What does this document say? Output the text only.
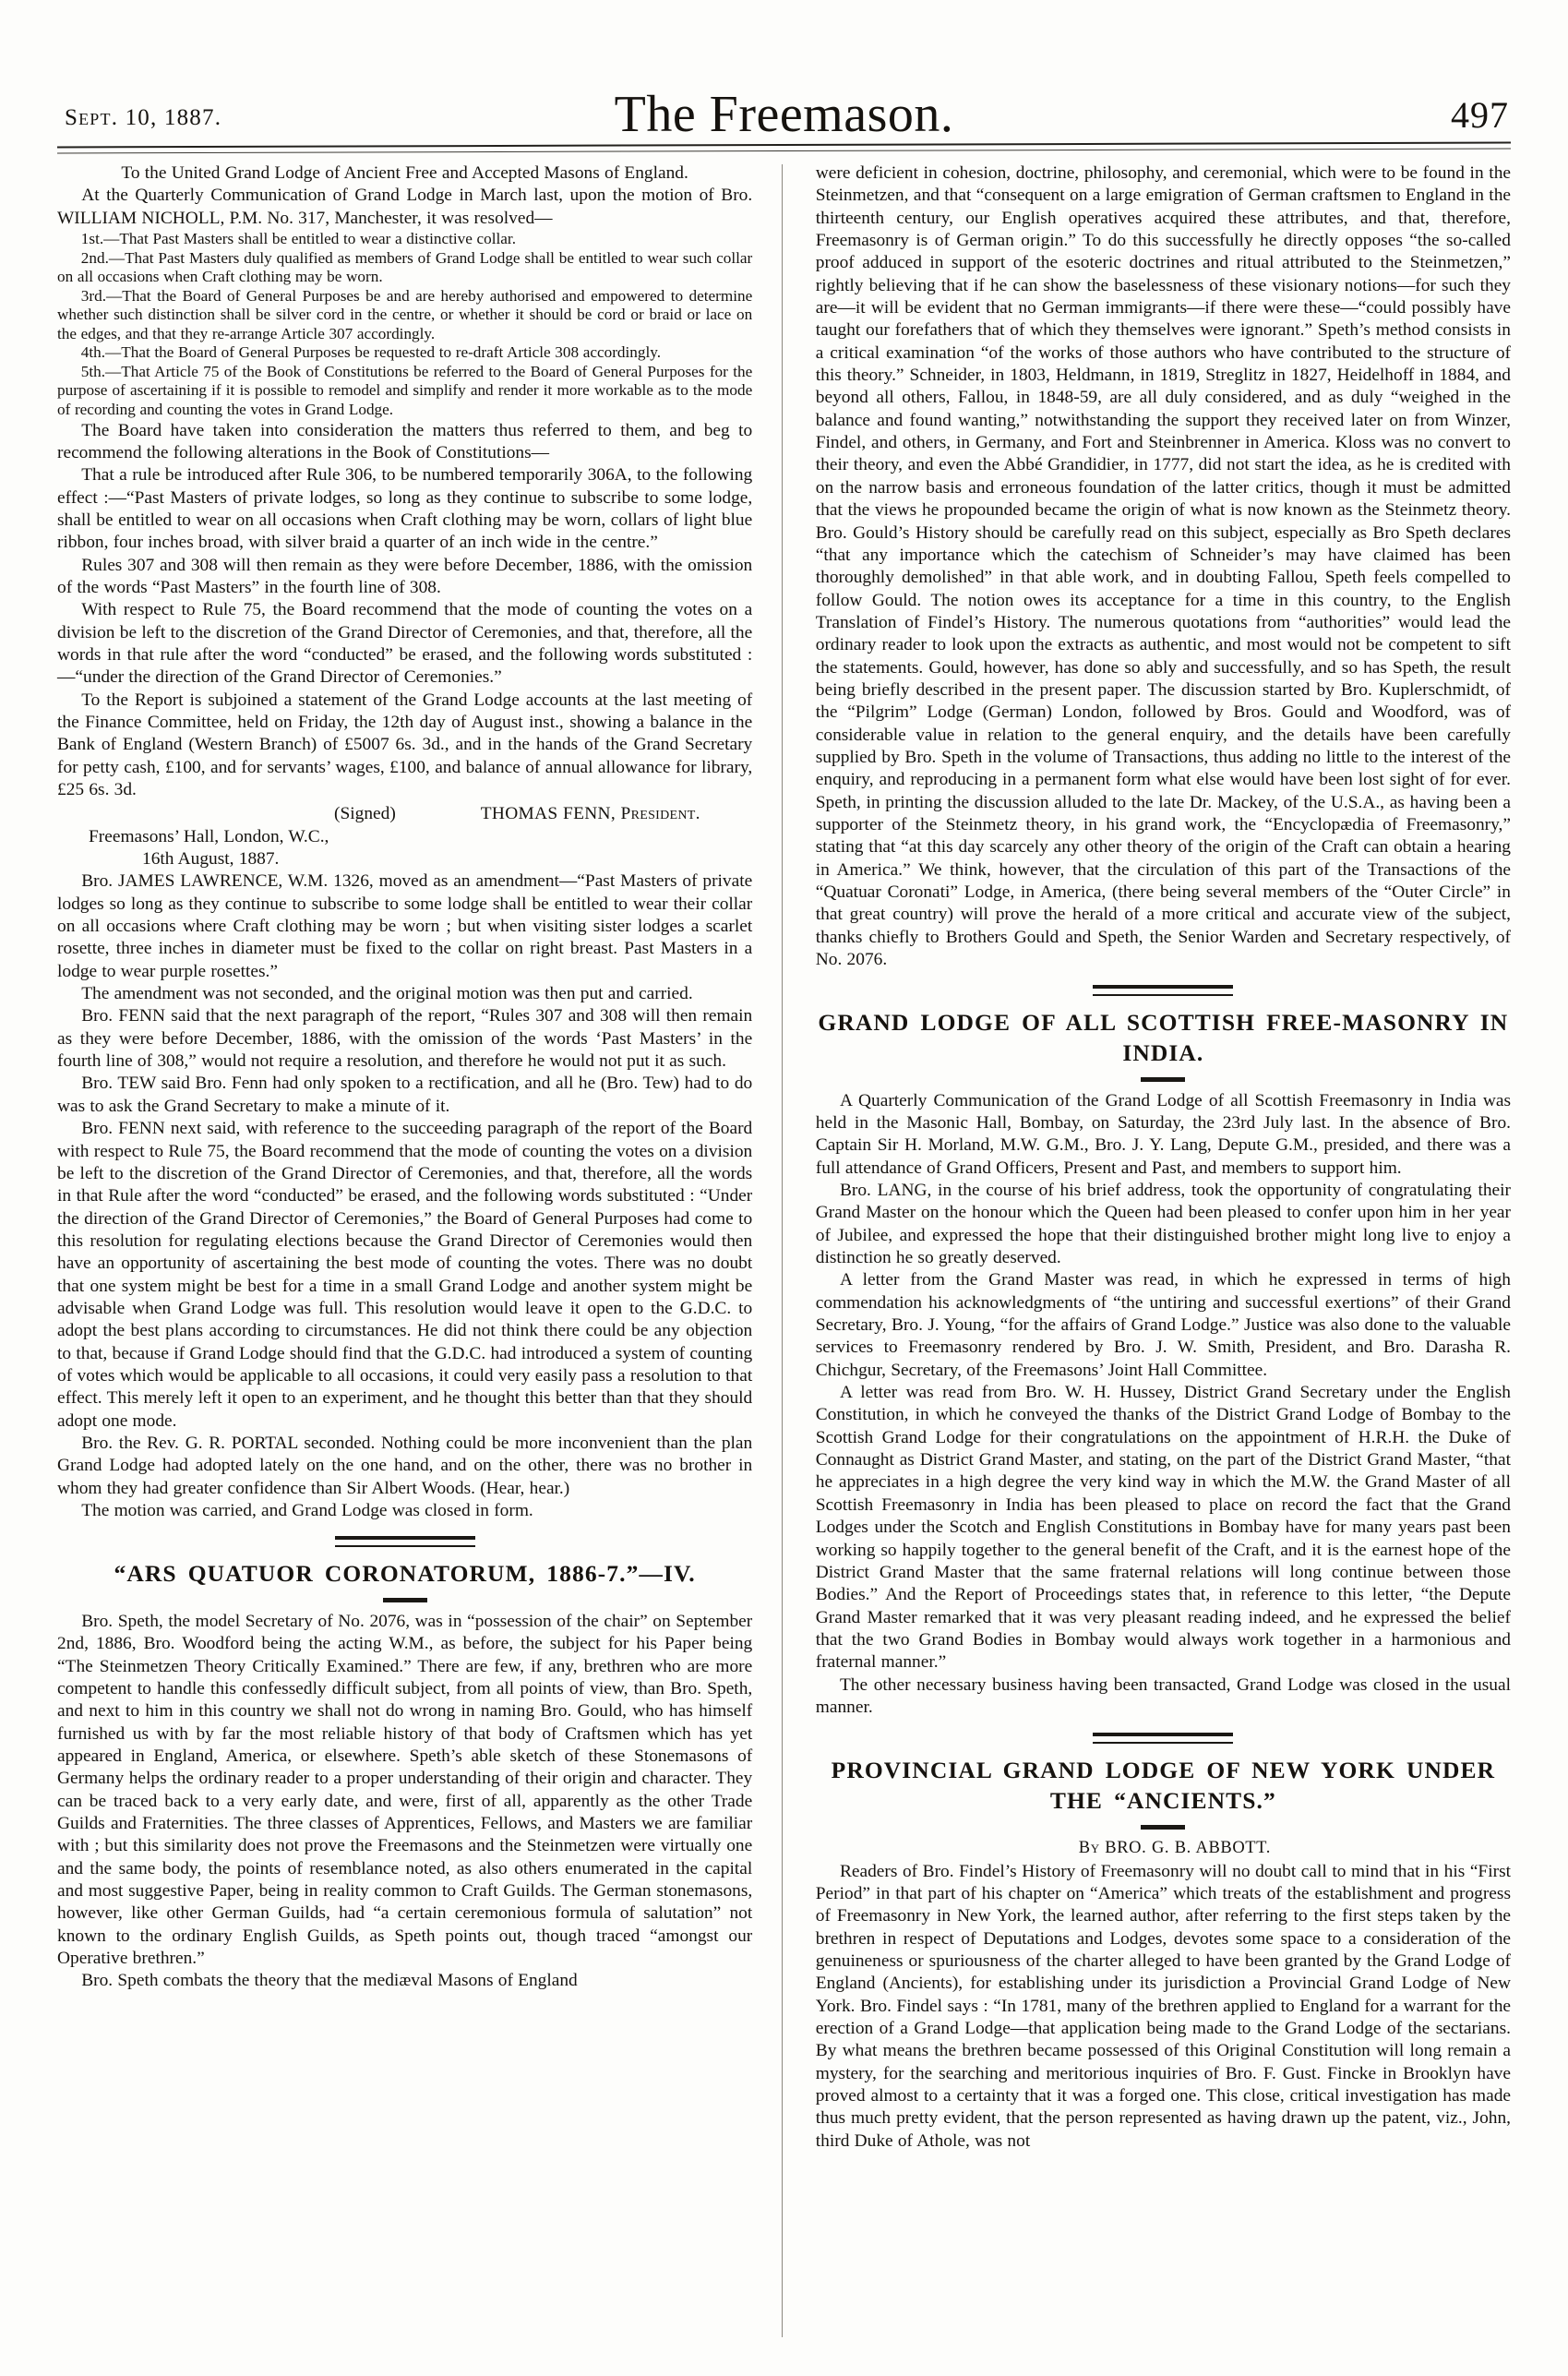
Sept. 10, 1887.	The Freemason.	497

To the United Grand Lodge of Ancient Free and Accepted Masons of England.

At the Quarterly Communication of Grand Lodge in March last, upon the motion of Bro. WILLIAM NICHOLL, P.M. No. 317, Manchester, it was resolved—

1st.—That Past Masters shall be entitled to wear a distinctive collar.

2nd.—That Past Masters duly qualified as members of Grand Lodge shall be entitled to wear such collar on all occasions when Craft clothing may be worn.

3rd.—That the Board of General Purposes be and are hereby authorised and empowered to determine whether such distinction shall be silver cord in the centre, or whether it should be cord or braid or lace on the edges, and that they re-arrange Article 307 accordingly.

4th.—That the Board of General Purposes be requested to re-draft Article 308 accordingly.

5th.—That Article 75 of the Book of Constitutions be referred to the Board of General Purposes for the purpose of ascertaining if it is possible to remodel and simplify and render it more workable as to the mode of recording and counting the votes in Grand Lodge.

The Board have taken into consideration the matters thus referred to them, and beg to recommend the following alterations in the Book of Constitutions—

That a rule be introduced after Rule 306, to be numbered temporarily 306A, to the following effect :—“Past Masters of private lodges, so long as they continue to subscribe to some lodge, shall be entitled to wear on all occasions when Craft clothing may be worn, collars of light blue ribbon, four inches broad, with silver braid a quarter of an inch wide in the centre.”

Rules 307 and 308 will then remain as they were before December, 1886, with the omission of the words “Past Masters” in the fourth line of 308.

With respect to Rule 75, the Board recommend that the mode of counting the votes on a division be left to the discretion of the Grand Director of Ceremonies, and that, therefore, all the words in that rule after the word “conducted” be erased, and the following words substituted :—“under the direction of the Grand Director of Ceremonies.”

To the Report is subjoined a statement of the Grand Lodge accounts at the last meeting of the Finance Committee, held on Friday, the 12th day of August inst., showing a balance in the Bank of England (Western Branch) of £5007 6s. 3d., and in the hands of the Grand Secretary for petty cash, £100, and for servants’ wages, £100, and balance of annual allowance for library, £25 6s. 3d.

(Signed)	THOMAS FENN, President.

Freemasons’ Hall, London, W.C.,

16th August, 1887.

Bro. JAMES LAWRENCE, W.M. 1326, moved as an amendment—“Past Masters of private lodges so long as they continue to subscribe to some lodge shall be entitled to wear their collar on all occasions where Craft clothing may be worn ; but when visiting sister lodges a scarlet rosette, three inches in diameter must be fixed to the collar on right breast. Past Masters in a lodge to wear purple rosettes.”

The amendment was not seconded, and the original motion was then put and carried.

Bro. FENN said that the next paragraph of the report, “Rules 307 and 308 will then remain as they were before December, 1886, with the omission of the words ‘Past Masters’ in the fourth line of 308,” would not require a resolution, and therefore he would not put it as such.

Bro. TEW said Bro. Fenn had only spoken to a rectification, and all he (Bro. Tew) had to do was to ask the Grand Secretary to make a minute of it.

Bro. FENN next said, with reference to the succeeding paragraph of the report of the Board with respect to Rule 75, the Board recommend that the mode of counting the votes on a division be left to the discretion of the Grand Director of Ceremonies, and that, therefore, all the words in that Rule after the word “conducted” be erased, and the following words substituted : “Under the direction of the Grand Director of Ceremonies,” the Board of General Purposes had come to this resolution for regulating elections because the Grand Director of Ceremonies would then have an opportunity of ascertaining the best mode of counting the votes. There was no doubt that one system might be best for a time in a small Grand Lodge and another system might be advisable when Grand Lodge was full. This resolution would leave it open to the G.D.C. to adopt the best plans according to circumstances. He did not think there could be any objection to that, because if Grand Lodge should find that the G.D.C. had introduced a system of counting of votes which would be applicable to all occasions, it could very easily pass a resolution to that effect. This merely left it open to an experiment, and he thought this better than that they should adopt one mode.

Bro. the Rev. G. R. PORTAL seconded. Nothing could be more inconvenient than the plan Grand Lodge had adopted lately on the one hand, and on the other, there was no brother in whom they had greater confidence than Sir Albert Woods. (Hear, hear.)

The motion was carried, and Grand Lodge was closed in form.

“ARS QUATUOR CORONATORUM, 1886-7.”—IV.

Bro. Speth, the model Secretary of No. 2076, was in “possession of the chair” on September 2nd, 1886, Bro. Woodford being the acting W.M., as before, the subject for his Paper being “The Steinmetzen Theory Critically Examined.” There are few, if any, brethren who are more competent to handle this confessedly difficult subject, from all points of view, than Bro. Speth, and next to him in this country we shall not do wrong in naming Bro. Gould, who has himself furnished us with by far the most reliable history of that body of Craftsmen which has yet appeared in England, America, or elsewhere. Speth’s able sketch of these Stonemasons of Germany helps the ordinary reader to a proper understanding of their origin and character. They can be traced back to a very early date, and were, first of all, apparently as the other Trade Guilds and Fraternities. The three classes of Apprentices, Fellows, and Masters we are familiar with ; but this similarity does not prove the Freemasons and the Steinmetzen were virtually one and the same body, the points of resemblance noted, as also others enumerated in the capital and most suggestive Paper, being in reality common to Craft Guilds. The German stonemasons, however, like other German Guilds, had “a certain ceremonious formula of salutation” not known to the ordinary English Guilds, as Speth points out, though traced “amongst our Operative brethren.”

Bro. Speth combats the theory that the mediæval Masons of England

were deficient in cohesion, doctrine, philosophy, and ceremonial, which were to be found in the Steinmetzen, and that “consequent on a large emigration of German craftsmen to England in the thirteenth century, our English operatives acquired these attributes, and that, therefore, Freemasonry is of German origin.” To do this successfully he directly opposes “the so-called proof adduced in support of the esoteric doctrines and ritual attributed to the Steinmetzen,” rightly believing that if he can show the baselessness of these visionary notions—for such they are—it will be evident that no German immigrants—if there were these—“could possibly have taught our forefathers that of which they themselves were ignorant.” Speth’s method consists in a critical examination “of the works of those authors who have contributed to the structure of this theory.” Schneider, in 1803, Heldmann, in 1819, Streglitz in 1827, Heidelhoff in 1884, and beyond all others, Fallou, in 1848-59, are all duly considered, and as duly “weighed in the balance and found wanting,” notwithstanding the support they received later on from Winzer, Findel, and others, in Germany, and Fort and Steinbrenner in America. Kloss was no convert to their theory, and even the Abbé Grandidier, in 1777, did not start the idea, as he is credited with on the narrow basis and erroneous foundation of the latter critics, though it must be admitted that the views he propounded became the origin of what is now known as the Steinmetz theory. Bro. Gould’s History should be carefully read on this subject, especially as Bro Speth declares “that any importance which the catechism of Schneider’s may have claimed has been thoroughly demolished” in that able work, and in doubting Fallou, Speth feels compelled to follow Gould. The notion owes its acceptance for a time in this country, to the English Translation of Findel’s History. The numerous quotations from “authorities” would lead the ordinary reader to look upon the extracts as authentic, and most would not be competent to sift the statements. Gould, however, has done so ably and successfully, and so has Speth, the result being briefly described in the present paper. The discussion started by Bro. Kuplerschmidt, of the “Pilgrim” Lodge (German) London, followed by Bros. Gould and Woodford, was of considerable value in relation to the general enquiry, and the details have been carefully supplied by Bro. Speth in the volume of Transactions, thus adding no little to the interest of the enquiry, and reproducing in a permanent form what else would have been lost sight of for ever. Speth, in printing the discussion alluded to the late Dr. Mackey, of the U.S.A., as having been a supporter of the Steinmetz theory, in his grand work, the “Encyclopædia of Freemasonry,” stating that “at this day scarcely any other theory of the origin of the Craft can obtain a hearing in America.” We think, however, that the circulation of this part of the Transactions of the “Quatuar Coronati” Lodge, in America, (there being several members of the “Outer Circle” in that great country) will prove the herald of a more critical and accurate view of the subject, thanks chiefly to Brothers Gould and Speth, the Senior Warden and Secretary respectively, of No. 2076.

GRAND LODGE OF ALL SCOTTISH FREE-MASONRY IN INDIA.

A Quarterly Communication of the Grand Lodge of all Scottish Freemasonry in India was held in the Masonic Hall, Bombay, on Saturday, the 23rd July last. In the absence of Bro. Captain Sir H. Morland, M.W. G.M., Bro. J. Y. Lang, Depute G.M., presided, and there was a full attendance of Grand Officers, Present and Past, and members to support him.

Bro. LANG, in the course of his brief address, took the opportunity of congratulating their Grand Master on the honour which the Queen had been pleased to confer upon him in her year of Jubilee, and expressed the hope that their distinguished brother might long live to enjoy a distinction he so greatly deserved.

A letter from the Grand Master was read, in which he expressed in terms of high commendation his acknowledgments of “the untiring and successful exertions” of their Grand Secretary, Bro. J. Young, “for the affairs of Grand Lodge.” Justice was also done to the valuable services to Freemasonry rendered by Bro. J. W. Smith, President, and Bro. Darasha R. Chichgur, Secretary, of the Freemasons’ Joint Hall Committee.

A letter was read from Bro. W. H. Hussey, District Grand Secretary under the English Constitution, in which he conveyed the thanks of the District Grand Lodge of Bombay to the Scottish Grand Lodge for their congratulations on the appointment of H.R.H. the Duke of Connaught as District Grand Master, and stating, on the part of the District Grand Master, “that he appreciates in a high degree the very kind way in which the M.W. the Grand Master of all Scottish Freemasonry in India has been pleased to place on record the fact that the Grand Lodges under the Scotch and English Constitutions in Bombay have for many years past been working so happily together to the general benefit of the Craft, and it is the earnest hope of the District Grand Master that the same fraternal relations will long continue between those Bodies.” And the Report of Proceedings states that, in reference to this letter, “the Depute Grand Master remarked that it was very pleasant reading indeed, and he expressed the belief that the two Grand Bodies in Bombay would always work together in a harmonious and fraternal manner.”

The other necessary business having been transacted, Grand Lodge was closed in the usual manner.

PROVINCIAL GRAND LODGE OF NEW YORK UNDER THE “ANCIENTS.”

By BRO. G. B. ABBOTT.

Readers of Bro. Findel’s History of Freemasonry will no doubt call to mind that in his “First Period” in that part of his chapter on “America” which treats of the establishment and progress of Freemasonry in New York, the learned author, after referring to the first steps taken by the brethren in respect of Deputations and Lodges, devotes some space to a consideration of the genuineness or spuriousness of the charter alleged to have been granted by the Grand Lodge of England (Ancients), for establishing under its jurisdiction a Provincial Grand Lodge of New York. Bro. Findel says : “In 1781, many of the brethren applied to England for a warrant for the erection of a Grand Lodge—that application being made to the Grand Lodge of the sectarians. By what means the brethren became possessed of this Original Constitution will long remain a mystery, for the searching and meritorious inquiries of Bro. F. Gust. Fincke in Brooklyn have proved almost to a certainty that it was a forged one. This close, critical investigation has made thus much pretty evident, that the person represented as having drawn up the patent, viz., John, third Duke of Athole, was not
